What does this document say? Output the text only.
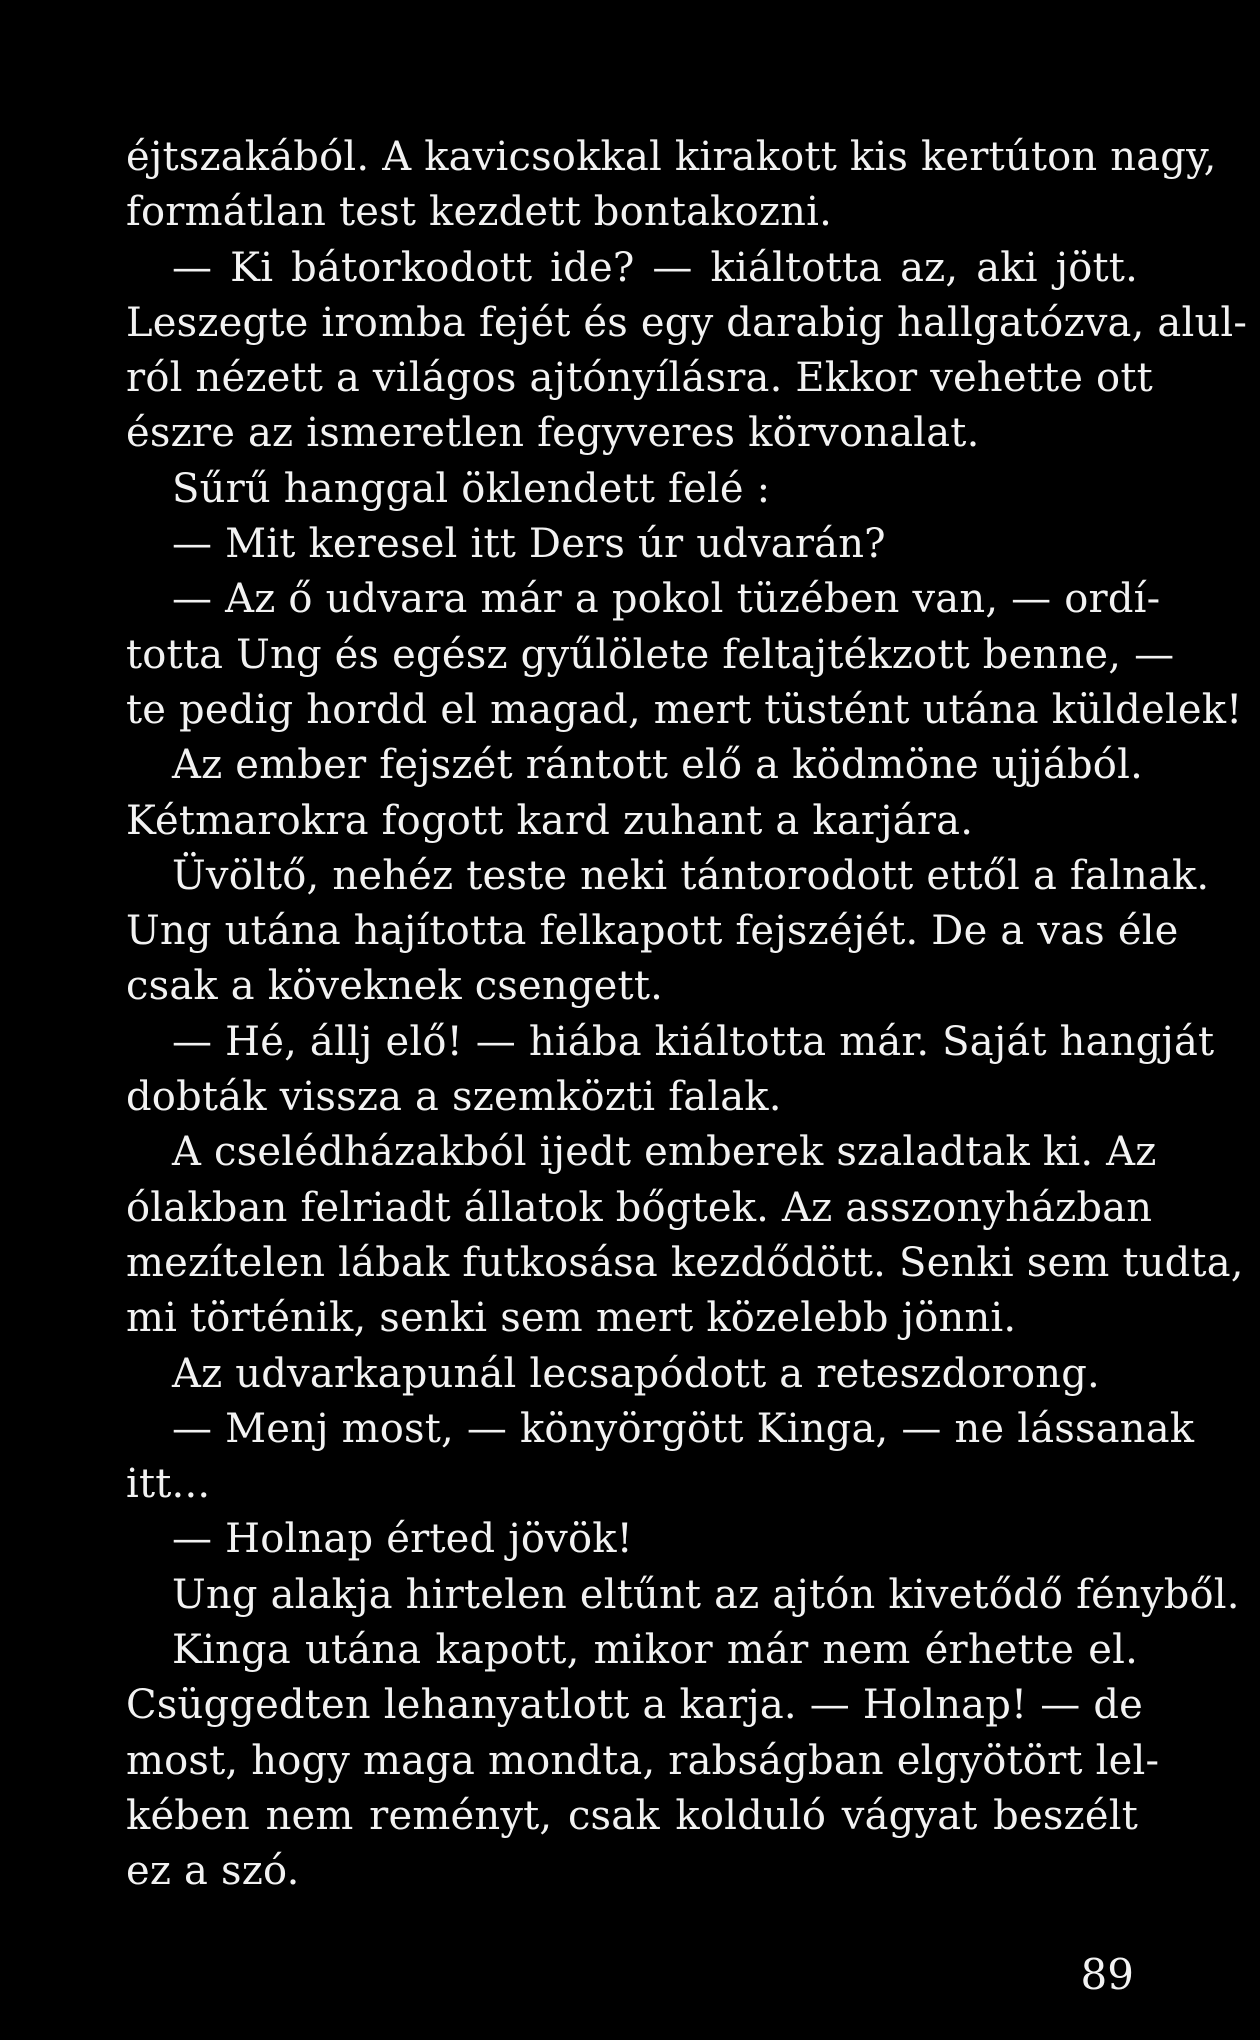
éjtszakából. A kavicsokkal kirakott kis kertúton nagy,
formátlan test kezdett bontakozni.
— Ki bátorkodott ide? — kiáltotta az, aki jött.
Leszegte iromba fejét és egy darabig hallgatózva, alul-
ról nézett a világos ajtónyílásra. Ekkor vehette ott
észre az ismeretlen fegyveres körvonalat.
Sűrű hanggal öklendett felé :
— Mit keresel itt Ders úr udvarán?
— Az ő udvara már a pokol tüzében van, — ordí-
totta Ung és egész gyűlölete feltajtékzott benne, —
te pedig hordd el magad, mert tüstént utána küldelek!
Az ember fejszét rántott elő a ködmöne ujjából.
Kétmarokra fogott kard zuhant a karjára.
Üvöltő, nehéz teste neki tántorodott ettől a falnak.
Ung utána hajította felkapott fejszéjét. De a vas éle
csak a köveknek csengett.
— Hé, állj elő! — hiába kiáltotta már. Saját hangját
dobták vissza a szemközti falak.
A cselédházakból ijedt emberek szaladtak ki. Az
ólakban felriadt állatok bőgtek. Az asszonyházban
mezítelen lábak futkosása kezdődött. Senki sem tudta,
mi történik, senki sem mert közelebb jönni.
Az udvarkapunál lecsapódott a reteszdorong.
— Menj most, — könyörgött Kinga, — ne lássanak
itt...
— Holnap érted jövök!
Ung alakja hirtelen eltűnt az ajtón kivetődő fényből.
Kinga utána kapott, mikor már nem érhette el.
Csüggedten lehanyatlott a karja. — Holnap! — de
most, hogy maga mondta, rabságban elgyötört lel-
kében nem reményt, csak kolduló vágyat beszélt
ez a szó.
89
